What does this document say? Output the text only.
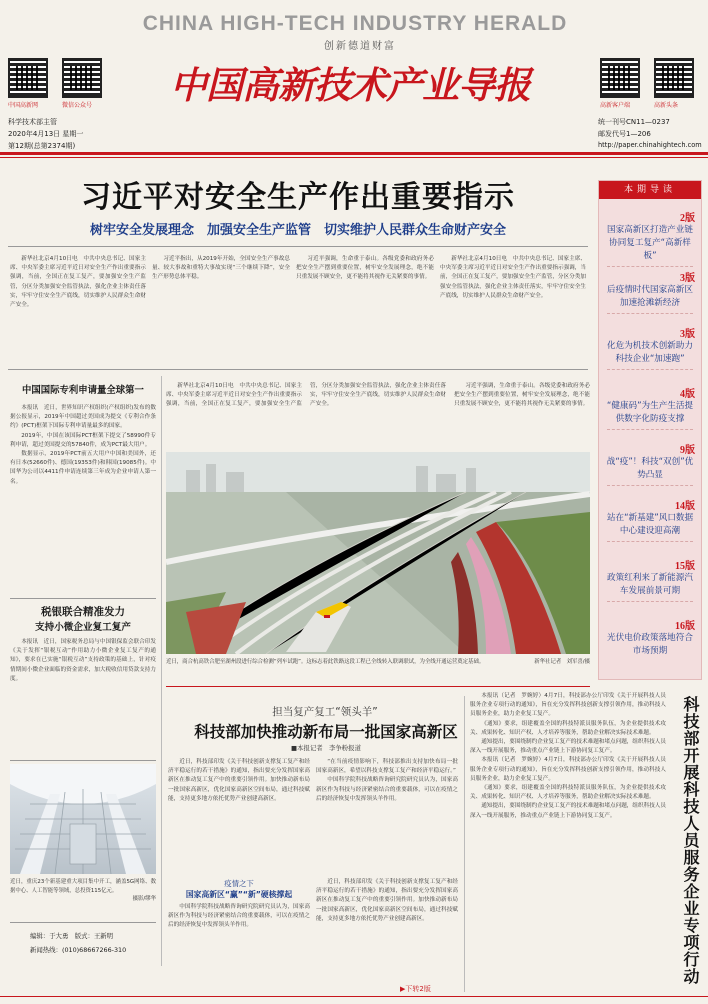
CHINA HIGH-TECH INDUSTRY HERALD
创新德道财富
中国高新网	微信公众号 中国高新技术产业导报	高新客户端	高新头条
科学技术部主管
2020年4月13日 星期一
第12期(总第2374期)
统一刊号CN11—0237
邮发代号1—206
http://paper.chinahightech.com
习近平对安全生产作出重要指示
树牢安全发展理念　加强安全生产监管　切实维护人民群众生命财产安全

新华社北京4月10日电　中共中央总书记、国家主席、中央军委主席习近平近日对安全生产作出重要指示强调，当前，全国正在复工复产，要加强安全生产监管，分区分类加强安全监管执法，强化企业主体责任落实，牢牢守住安全生产底线，切实维护人民群众生命财产安全。

习近平指出，从2019年开始，全国安全生产事故总量、较大事故和重特大事故实现“三个继续下降”，安全生产形势总体平稳。

习近平强调，生命重于泰山。各级党委和政府务必把安全生产摆到重要位置，树牢安全发展理念，绝不能只重发展不顾安全，更不能将其视作无关紧要的事情。

新华社北京4月10日电　中共中央总书记、国家主席、中央军委主席习近平近日对安全生产作出重要指示强调，当前，全国正在复工复产，要加强安全生产监管，分区分类加强安全监管执法，强化企业主体责任落实，牢牢守住安全生产底线，切实维护人民群众生命财产安全。

本期导读
2版
国家高新区打造产业链协同复工复产“高新样板”
3版
后疫情时代国家高新区加速抢滩新经济
3版
化危为机技术创新助力科技企业“加速跑”
4版
“健康码”为生产生活提供数字化防疫支撑
9版
战“疫”！科技“双创”优势凸显
14版
站在“新基建”风口数据中心建设迎高潮
15版
政策红利来了新能源汽车发展前景可期
16版
光伏电价政策落地符合市场预期
中国国际专利申请量全球第一

本报讯　近日，世界知识产权组织(产权组织)发布的数据公报显示，2019年中国超过美国成为提交《专利合作条约》(PCT)框架下国际专利申请量最多的国家。

2019年，中国在该国际PCT框架下提交了58990件专利申请，超过美国提交的57840件，成为PCT最大用户。

数据显示，2019年PCT前五大用户中国和美国外，还有日本(52660件)、德国(19353件)和韩国(19085件)。中国华为公司以4411件申请连续第三年成为企业申请人第一名。

税银联合精准发力
支持小微企业复工复产

本报讯　近日，国家税务总局与中国银保监会联合印发《关于发挥“银税互动”作用助力小微企业复工复产的通知》，要求在已实施“银税互动”支持政策的基础上，针对疫情期间小微企业面临的资金需求，加大税收信用贷款支持力度。

近日，重庆23个新基建重大项目集中开工，涵盖5G网络、数据中心、人工智能等领域，总投资115亿元。

摄影/缪华

编辑：于大勇　版式：王新明
新闻热线：(010)68667266-310

近日，商合杭高铁合肥至湖州段进行综合检测“列车试跑”。这标志着此铁路这段工程已全线转入联调联试，为全线开通运营奠定基础。	新华社记者　刘军喜/摄

新华社北京4月10日电　中共中央总书记、国家主席、中央军委主席习近平近日对安全生产作出重要指示强调，当前，全国正在复工复产，要加强安全生产监管，分区分类加强安全监管执法，强化企业主体责任落实，牢牢守住安全生产底线，切实维护人民群众生命财产安全。

习近平强调，生命重于泰山。各级党委和政府务必把安全生产摆到重要位置，树牢安全发展理念，绝不能只重发展不顾安全，更不能将其视作无关紧要的事情。

担当复产复工“领头羊”
科技部加快推动新布局一批国家高新区
■本报记者　李争粉报道

近日，科技部印发《关于科技创新支撑复工复产和经济平稳运行的若干措施》的通知，指出要充分发挥国家高新区在推动复工复产中的重要引领作用。加快推动新布局一批国家高新区，优化国家高新区空间布局，通过科技赋能，支持更多地方依托优势产业创建高新区。

“在当前疫情影响下，科技部推出支持加快布局一批国家高新区，希望以科技支撑复工复产和经济平稳运行。”

中国科学院科技战略咨询研究院研究员认为，国家高新区作为科技与经济紧密结合的重要载体，可以在疫情之后的经济恢复中发挥领头羊作用。

疫情之下
国家高新区“赢”“新”硬核撑起

中国科学院科技战略咨询研究院研究员认为，国家高新区作为科技与经济紧密结合的重要载体，可以在疫情之后的经济恢复中发挥领头羊作用。

近日，科技部印发《关于科技创新支撑复工复产和经济平稳运行的若干措施》的通知，指出要充分发挥国家高新区在推动复工复产中的重要引领作用。加快推动新布局一批国家高新区，优化国家高新区空间布局，通过科技赋能，支持更多地方依托优势产业创建高新区。

▶下转2版

本报讯（记者　罗婉婷）4月7日，科技部办公厅印发《关于开展科技人员服务企业专项行动的通知》，旨在充分发挥科技创新支撑引领作用，推动科技人员服务企业，助力企业复工复产。

《通知》要求，组建覆盖全国的科技特派员服务队伍，为企业提供技术攻关、成果转化、知识产权、人才培养等服务，帮助企业解决实际技术难题。

通知提出，要围绕制约企业复工复产的技术难题和堵点问题，组织科技人员深入一线开展服务，推动重点产业链上下游协同复工复产。

本报讯（记者　罗婉婷）4月7日，科技部办公厅印发《关于开展科技人员服务企业专项行动的通知》，旨在充分发挥科技创新支撑引领作用，推动科技人员服务企业，助力企业复工复产。

《通知》要求，组建覆盖全国的科技特派员服务队伍，为企业提供技术攻关、成果转化、知识产权、人才培养等服务，帮助企业解决实际技术难题。

通知提出，要围绕制约企业复工复产的技术难题和堵点问题，组织科技人员深入一线开展服务，推动重点产业链上下游协同复工复产。	科技部开展科技人员服务企业专项行动
